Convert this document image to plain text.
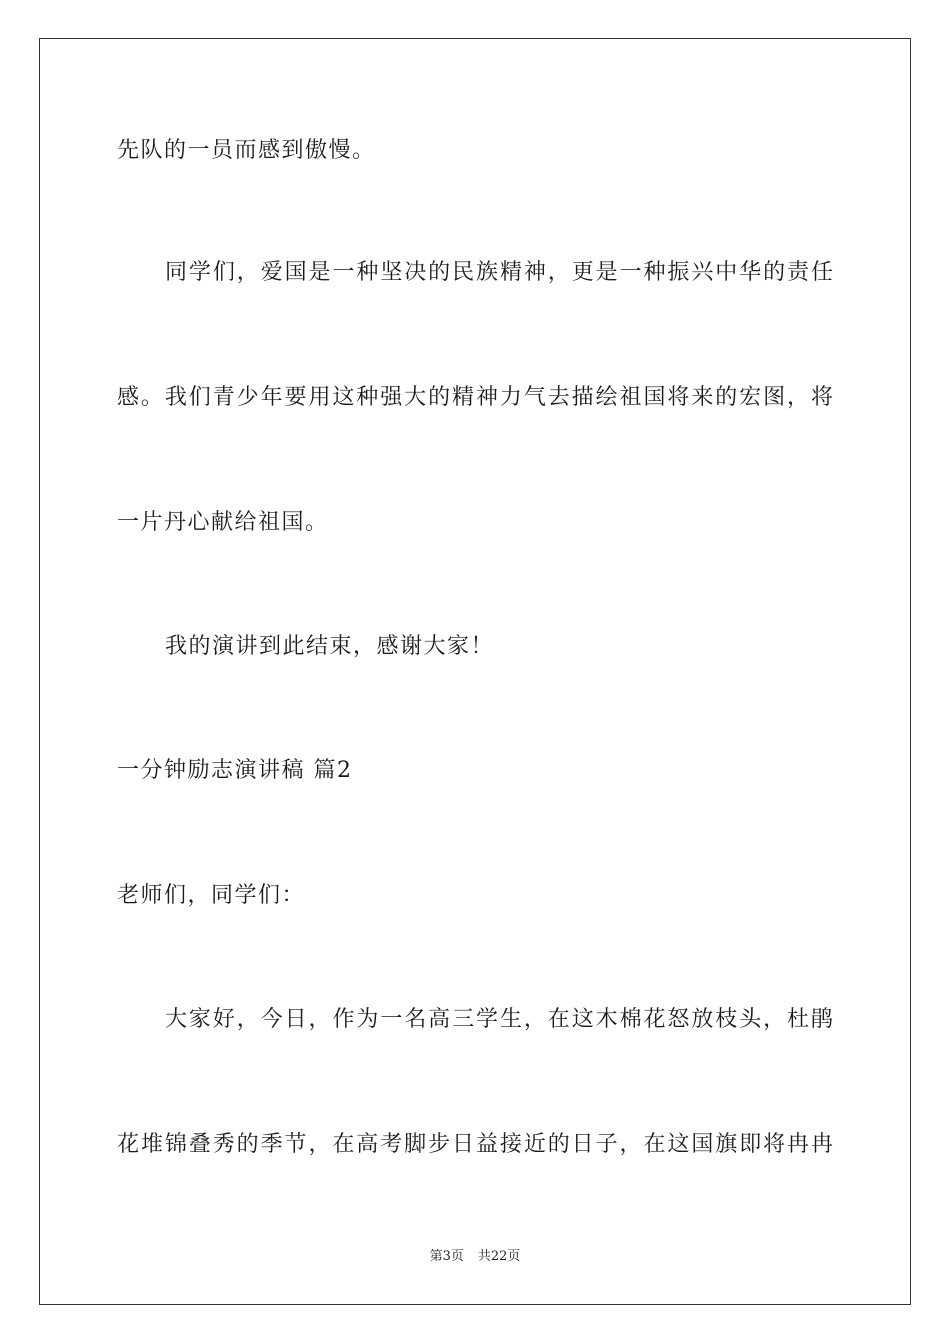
先队的一员而感到傲慢。
同学们，爱国是一种坚决的民族精神，更是一种振兴中华的责任
感。我们青少年要用这种强大的精神力气去描绘祖国将来的宏图，将
一片丹心献给祖国。
我的演讲到此结束，感谢大家！
一分钟励志演讲稿 篇2
老师们，同学们：
大家好，今日，作为一名高三学生，在这木棉花怒放枝头，杜鹃
花堆锦叠秀的季节，在高考脚步日益接近的日子，在这国旗即将冉冉
第3页 共22页
